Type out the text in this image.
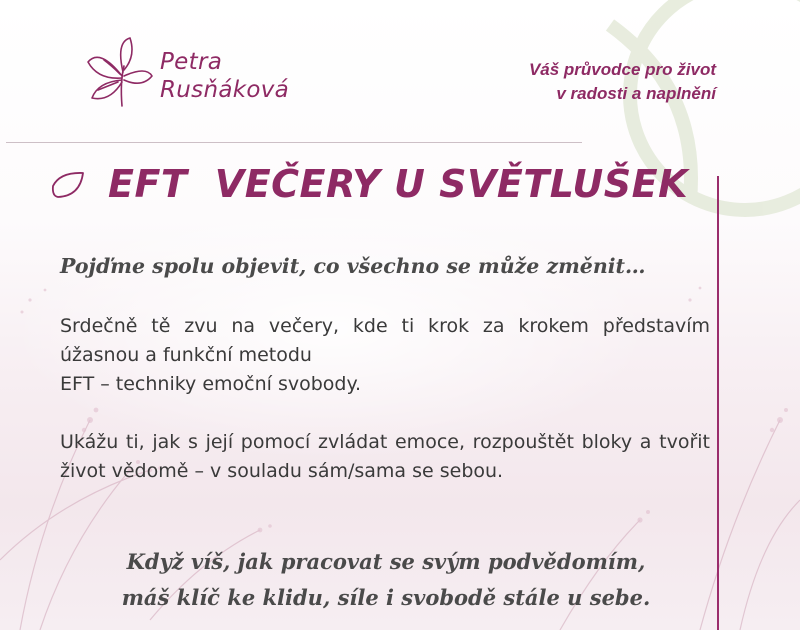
Petra
Rusňáková
Váš průvodce pro život
v radosti a naplnění
EFT  VEČERY U SVĚTLUŠEK

Pojďme spolu objevit, co všechno se může změnit…

Srdečně tě zvu na večery, kde ti krok za krokem představím úžasnou a funkční metodu
EFT – techniky emoční svobody.

Ukážu ti, jak s její pomocí zvládat emoce, rozpouštět bloky a tvořit život vědomě – v souladu sám/sama se sebou.

Když víš, jak pracovat se svým podvědomím,
máš klíč ke klidu, síle i svobodě stále u sebe.
